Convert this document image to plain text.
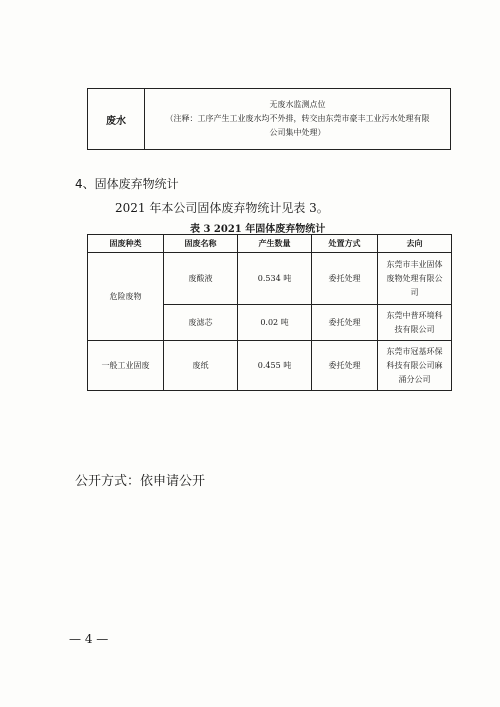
废水	
无废水监测点位
（注释：工序产生工业废水均不外排，转交由东莞市豪丰工业污水处理有限
公司集中处理）
4、固体废弃物统计
2021 年本公司固体废弃物统计见表 3。
表 3 2021 年固体废弃物统计
固废种类	固废名称	产生数量	处置方式	去向
危险废物	废酸液	0.534 吨	委托处理	东莞市丰业固体
废物处理有限公
司

	废滤芯	0.02 吨	委托处理	东莞中普环境科
技有限公司

一般工业固废	废纸	0.455 吨	委托处理	东莞市冠基环保
科技有限公司麻
涌分公司
公开方式：依申请公开
— 4 —
